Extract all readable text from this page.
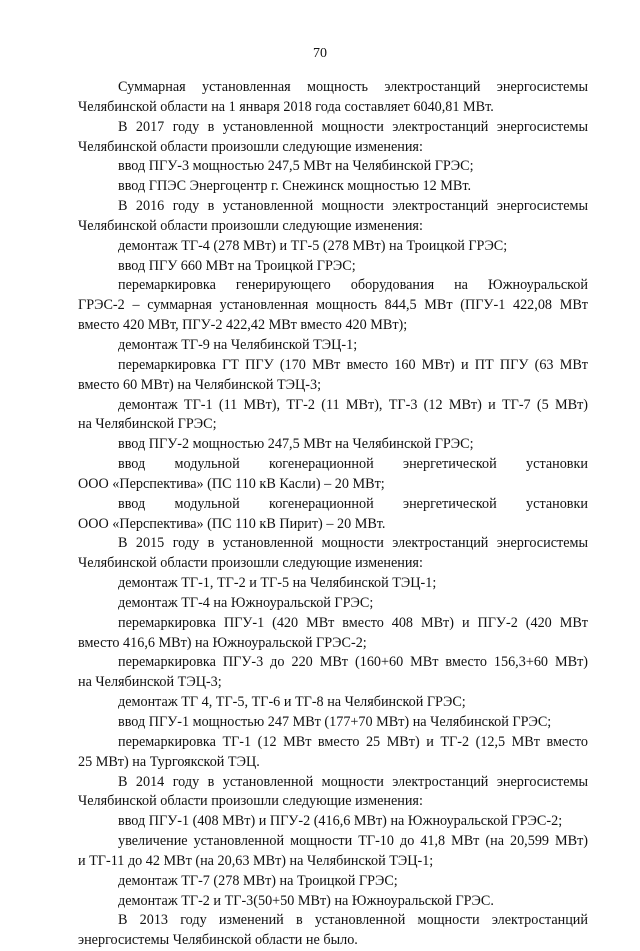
70
Суммарная установленная мощность электростанций энергосистемы
Челябинской области на 1 января 2018 года составляет 6040,81 МВт.
В 2017 году в установленной мощности электростанций энергосистемы
Челябинской области произошли следующие изменения:
ввод ПГУ-3 мощностью 247,5 МВт на Челябинской ГРЭС;
ввод ГПЭС Энергоцентр г. Снежинск мощностью 12 МВт.
В 2016 году в установленной мощности электростанций энергосистемы
Челябинской области произошли следующие изменения:
демонтаж ТГ-4 (278 МВт) и ТГ-5 (278 МВт) на Троицкой ГРЭС;
ввод ПГУ 660 МВт на Троицкой ГРЭС;
перемаркировка генерирующего оборудования на Южноуральской
ГРЭС-2 – суммарная установленная мощность 844,5 МВт (ПГУ-1 422,08 МВт
вместо 420 МВт, ПГУ-2 422,42 МВт вместо 420 МВт);
демонтаж ТГ-9 на Челябинской ТЭЦ-1;
перемаркировка ГТ ПГУ (170 МВт вместо 160 МВт) и ПТ ПГУ (63 МВт
вместо 60 МВт) на Челябинской ТЭЦ-3;
демонтаж ТГ-1 (11 МВт), ТГ-2 (11 МВт), ТГ-3 (12 МВт) и ТГ-7 (5 МВт)
на Челябинской ГРЭС;
ввод ПГУ-2 мощностью 247,5 МВт на Челябинской ГРЭС;
ввод модульной когенерационной энергетической установки
ООО «Перспектива» (ПС 110 кВ Касли) – 20 МВт;
ввод модульной когенерационной энергетической установки
ООО «Перспектива» (ПС 110 кВ Пирит) – 20 МВт.
В 2015 году в установленной мощности электростанций энергосистемы
Челябинской области произошли следующие изменения:
демонтаж ТГ-1, ТГ-2 и ТГ-5 на Челябинской ТЭЦ-1;
демонтаж ТГ-4 на Южноуральской ГРЭС;
перемаркировка ПГУ-1 (420 МВт вместо 408 МВт) и ПГУ-2 (420 МВт
вместо 416,6 МВт) на Южноуральской ГРЭС-2;
перемаркировка ПГУ-3 до 220 МВт (160+60 МВт вместо 156,3+60 МВт)
на Челябинской ТЭЦ-3;
демонтаж ТГ 4, ТГ-5, ТГ-6 и ТГ-8 на Челябинской ГРЭС;
ввод ПГУ-1 мощностью 247 МВт (177+70 МВт) на Челябинской ГРЭС;
перемаркировка ТГ-1 (12 МВт вместо 25 МВт) и ТГ-2 (12,5 МВт вместо
25 МВт) на Тургоякской ТЭЦ.
В 2014 году в установленной мощности электростанций энергосистемы
Челябинской области произошли следующие изменения:
ввод ПГУ-1 (408 МВт) и ПГУ-2 (416,6 МВт) на Южноуральской ГРЭС-2;
увеличение установленной мощности ТГ-10 до 41,8 МВт (на 20,599 МВт)
и ТГ-11 до 42 МВт (на 20,63 МВт) на Челябинской ТЭЦ-1;
демонтаж ТГ-7 (278 МВт) на Троицкой ГРЭС;
демонтаж ТГ-2 и ТГ-3(50+50 МВт) на Южноуральской ГРЭС.
В 2013 году изменений в установленной мощности электростанций
энергосистемы Челябинской области не было.
